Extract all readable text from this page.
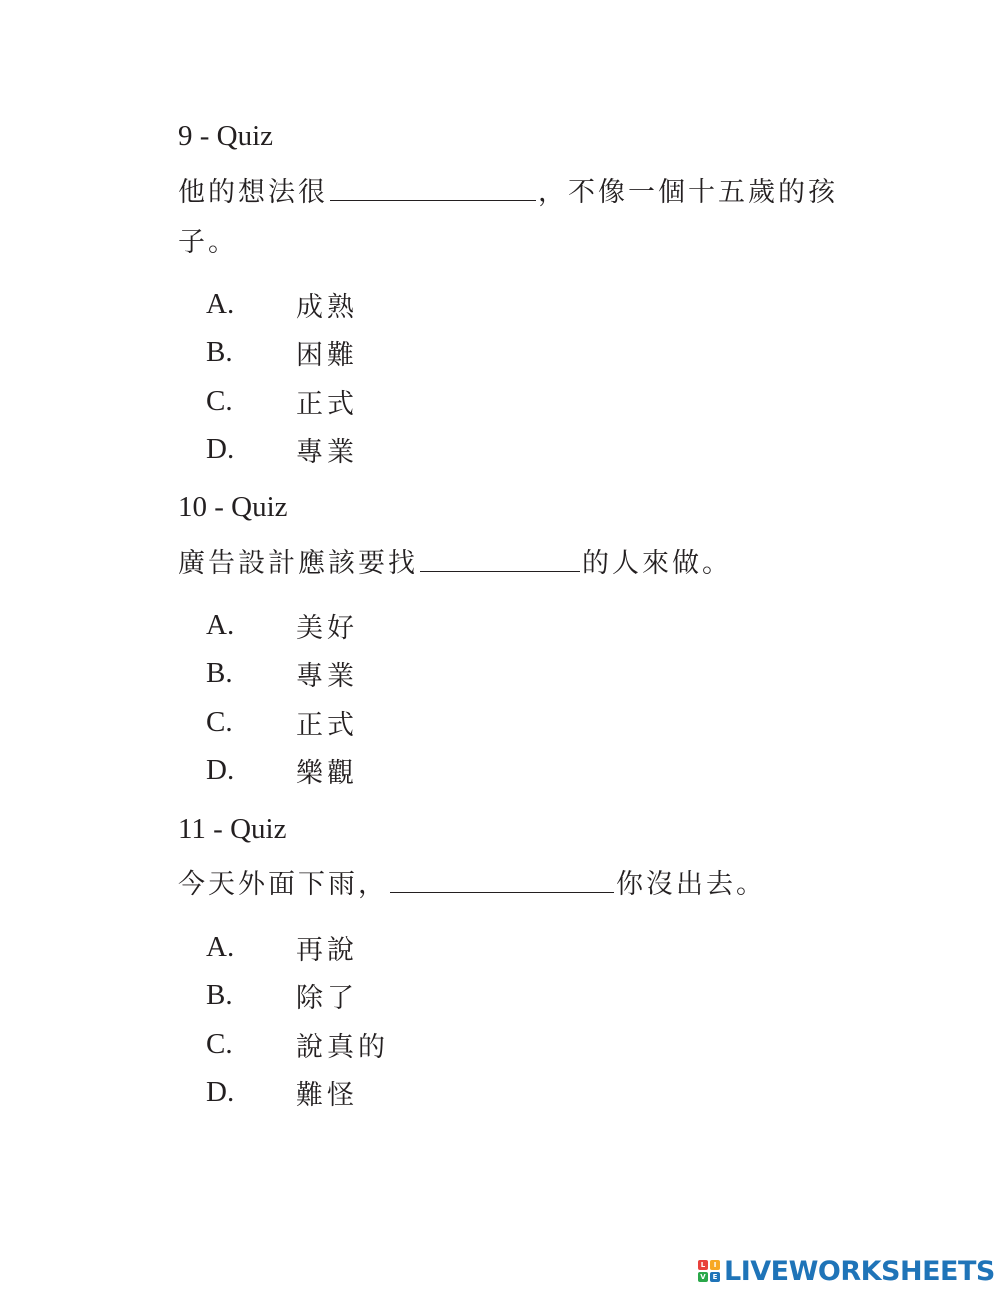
9 - Quiz
他的想法很	，不像一個十五歲的孩
子。
A.	成熟
B.	困難
C.	正式
D.	專業
10 - Quiz
廣告設計應該要找	的人來做。
A.	美好
B.	專業
C.	正式
D.	樂觀
11 - Quiz
今天外面下雨，	你沒出去。
A.	再說
B.	除了
C.	說真的
D.	難怪
L	I
V E LIVEWORKSHEETS
